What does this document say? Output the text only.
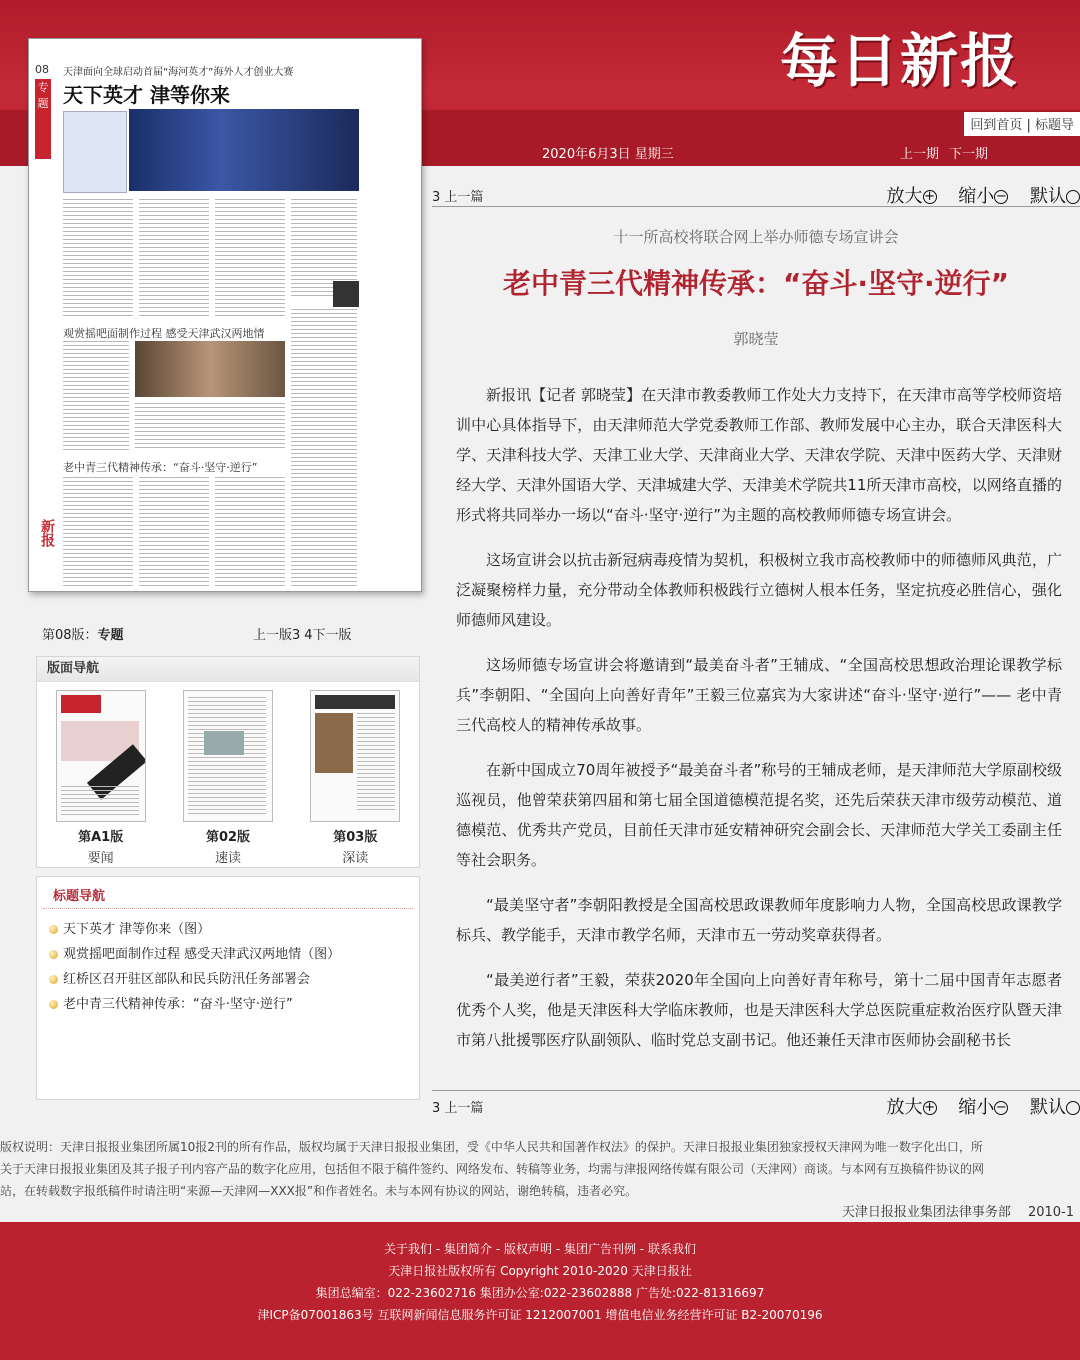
每日新报
回到首页 | 标题导
2020年6月3日 星期三	上一期 下一期
08
专题
天津面向全球启动首届“海河英才”海外人才创业大赛
天下英才 津等你来
观赏摇吧面制作过程 感受天津武汉两地情
老中青三代精神传承：“奋斗·坚守·逆行”
新报
第08版：专题	上一版3 4下一版
版面导航
第A1版
要闻
第02版
速读
第03版
深读
标题导航
天下英才 津等你来（图）
观赏摇吧面制作过程 感受天津武汉两地情（图）
红桥区召开驻区部队和民兵防汛任务部署会
老中青三代精神传承：“奋斗·坚守·逆行”
3 上一篇	放大 + 缩小 − 默认
十一所高校将联合网上举办师德专场宣讲会
老中青三代精神传承：“奋斗·坚守·逆行”
郭晓莹

新报讯【记者 郭晓莹】在天津市教委教师工作处大力支持下，在天津市高等学校师资培训中心具体指导下，由天津师范大学党委教师工作部、教师发展中心主办，联合天津医科大学、天津科技大学、天津工业大学、天津商业大学、天津农学院、天津中医药大学、天津财经大学、天津外国语大学、天津城建大学、天津美术学院共11所天津市高校，以网络直播的形式将共同举办一场以“奋斗·坚守·逆行”为主题的高校教师师德专场宣讲会。

这场宣讲会以抗击新冠病毒疫情为契机，积极树立我市高校教师中的师德师风典范，广泛凝聚榜样力量，充分带动全体教师积极践行立德树人根本任务，坚定抗疫必胜信心，强化师德师风建设。

这场师德专场宣讲会将邀请到“最美奋斗者”王辅成、“全国高校思想政治理论课教学标兵”李朝阳、“全国向上向善好青年”王毅三位嘉宾为大家讲述“奋斗·坚守·逆行”—— 老中青三代高校人的精神传承故事。

在新中国成立70周年被授予“最美奋斗者”称号的王辅成老师，是天津师范大学原副校级巡视员，他曾荣获第四届和第七届全国道德模范提名奖，还先后荣获天津市级劳动模范、道德模范、优秀共产党员，目前任天津市延安精神研究会副会长、天津师范大学关工委副主任等社会职务。

“最美坚守者”李朝阳教授是全国高校思政课教师年度影响力人物，全国高校思政课教学标兵、教学能手，天津市教学名师，天津市五一劳动奖章获得者。

“最美逆行者”王毅，荣获2020年全国向上向善好青年称号，第十二届中国青年志愿者优秀个人奖，他是天津医科大学临床教师，也是天津医科大学总医院重症救治医疗队暨天津市第八批援鄂医疗队副领队、临时党总支副书记。他还兼任天津市医师协会副秘书长

3 上一篇	放大 + 缩小 − 默认
版权说明：天津日报报业集团所属10报2刊的所有作品，版权均属于天津日报报业集团，受《中华人民共和国著作权法》的保护。天津日报报业集团独家授权天津网为唯一数字化出口，所
关于天津日报报业集团及其子报子刊内容产品的数字化应用，包括但不限于稿件签约、网络发布、转稿等业务，均需与津报网络传媒有限公司（天津网）商谈。与本网有互换稿件协议的网
站，在转载数字报纸稿件时请注明“来源—天津网—XXX报”和作者姓名。未与本网有协议的网站，谢绝转稿，违者必究。
天津日报报业集团法律事务部　 2010-1
关于我们 - 集团简介 - 版权声明 - 集团广告刊例 - 联系我们
天津日报社版权所有 Copyright 2010-2020 天津日报社
集团总编室：022-23602716 集团办公室:022-23602888 广告处:022-81316697
津ICP备07001863号 互联网新闻信息服务许可证 1212007001 增值电信业务经营许可证 B2-20070196
